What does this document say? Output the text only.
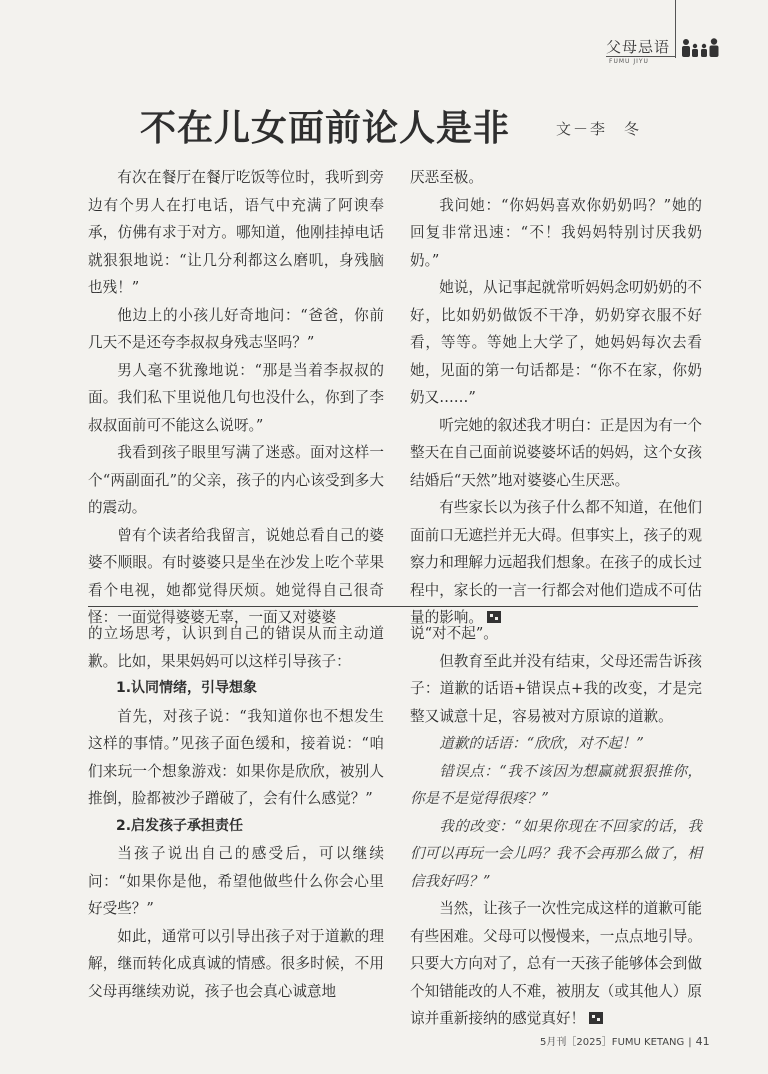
父母忌语
FUMU JIYU
不在儿女面前论人是非	文－李　冬

有次在餐厅在餐厅吃饭等位时，我听到旁边有个男人在打电话，语气中充满了阿谀奉承，仿佛有求于对方。哪知道，他刚挂掉电话就狠狠地说：“让几分利都这么磨叽，身残脑也残！”

他边上的小孩儿好奇地问：“爸爸，你前几天不是还夸李叔叔身残志坚吗？”

男人毫不犹豫地说：“那是当着李叔叔的面。我们私下里说他几句也没什么，你到了李叔叔面前可不能这么说呀。”

我看到孩子眼里写满了迷惑。面对这样一个“两副面孔”的父亲，孩子的内心该受到多大的震动。

曾有个读者给我留言，说她总看自己的婆婆不顺眼。有时婆婆只是坐在沙发上吃个苹果看个电视，她都觉得厌烦。她觉得自己很奇怪：一面觉得婆婆无辜，一面又对婆婆

厌恶至极。

我问她：“你妈妈喜欢你奶奶吗？”她的回复非常迅速：“不！我妈妈特别讨厌我奶奶。”

她说，从记事起就常听妈妈念叨奶奶的不好，比如奶奶做饭不干净，奶奶穿衣服不好看，等等。等她上大学了，她妈妈每次去看她，见面的第一句话都是：“你不在家，你奶奶又……”

听完她的叙述我才明白：正是因为有一个整天在自己面前说婆婆坏话的妈妈，这个女孩结婚后“天然”地对婆婆心生厌恶。

有些家长以为孩子什么都不知道，在他们面前口无遮拦并无大碍。但事实上，孩子的观察力和理解力远超我们想象。在孩子的成长过程中，家长的一言一行都会对他们造成不可估量的影响。

的立场思考，认识到自己的错误从而主动道歉。比如，果果妈妈可以这样引导孩子：

1.认同情绪，引导想象

首先，对孩子说：“我知道你也不想发生这样的事情。”见孩子面色缓和，接着说：“咱们来玩一个想象游戏：如果你是欣欣，被别人推倒，脸都被沙子蹭破了，会有什么感觉？”

2.启发孩子承担责任

当孩子说出自己的感受后，可以继续问：“如果你是他，希望他做些什么你会心里好受些？”

如此，通常可以引导出孩子对于道歉的理解，继而转化成真诚的情感。很多时候，不用父母再继续劝说，孩子也会真心诚意地

说“对不起”。

但教育至此并没有结束，父母还需告诉孩子：道歉的话语+错误点+我的改变，才是完整又诚意十足，容易被对方原谅的道歉。

道歉的话语：“欣欣，对不起！”

错误点：“我不该因为想赢就狠狠推你，你是不是觉得很疼？”

我的改变：“如果你现在不回家的话，我们可以再玩一会儿吗？我不会再那么做了，相信我好吗？”

当然，让孩子一次性完成这样的道歉可能有些困难。父母可以慢慢来，一点点地引导。只要大方向对了，总有一天孩子能够体会到做个知错能改的人不难，被朋友（或其他人）原谅并重新接纳的感觉真好！

5月刊［2025］FUMU KETANG | 41
